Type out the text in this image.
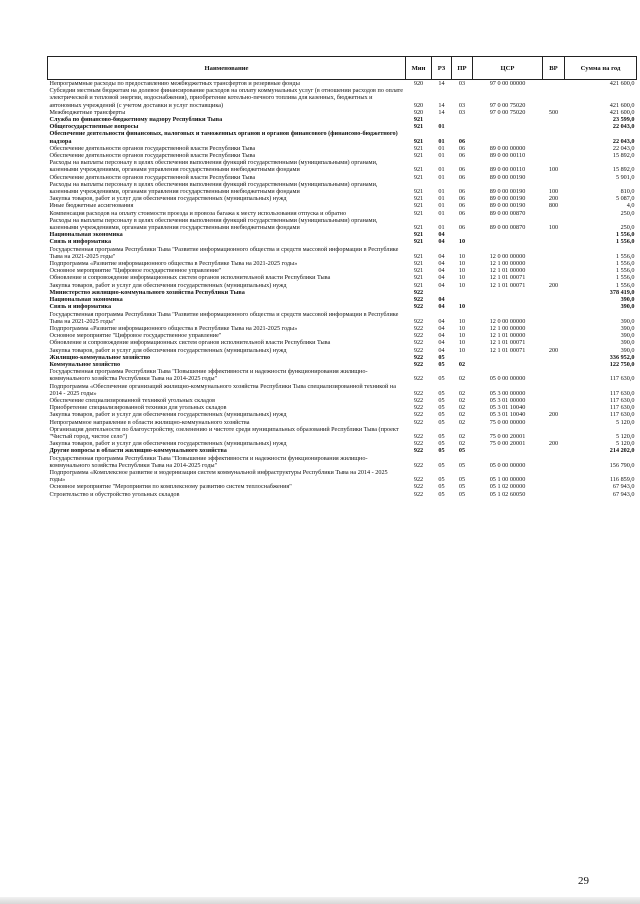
Наименование	Мин	РЗ	ПР	ЦСР	ВР	Сумма на год
Непрограммные расходы по предоставлению межбюджетных трансфертов и резервные фонды	920	14	03	97 0 00 00000		421 600,0
Субсидии местным бюджетам на долевое финансирование расходов на оплату коммунальных услуг (в отношении расходов по оплате электрической и тепловой энергии, водоснабжения), приобретение котельно-печного топлива для казенных, бюджетных и автономных учреждений (с учетом доставки и услуг поставщика)	920	14	03	97 0 00 75020		421 600,0
Межбюджетные трансферты	920	14	03	97 0 00 75020	500	421 600,0
Служба по финансово-бюджетному надзору Республики Тыва	921					23 599,0
Общегосударственные вопросы	921	01				22 043,0
Обеспечение деятельности финансовых, налоговых и таможенных органов и органов финансового (финансово-бюджетного) надзора	921	01	06			22 043,0
Обеспечение деятельности органов государственной власти Республики Тыва	921	01	06	89 0 00 00000		22 043,0
Обеспечение деятельности органов государственной власти Республики Тыва	921	01	06	89 0 00 00110		15 892,0
Расходы на выплаты персоналу в целях обеспечения выполнения функций государственными (муниципальными) органами, казенными учреждениями, органами управления государственными внебюджетными фондами	921	01	06	89 0 00 00110	100	15 892,0
Обеспечение деятельности органов государственной власти Республики Тыва	921	01	06	89 0 00 00190		5 901,0
Расходы на выплаты персоналу в целях обеспечения выполнения функций государственными (муниципальными) органами, казенными учреждениями, органами управления государственными внебюджетными фондами	921	01	06	89 0 00 00190	100	810,0
Закупка товаров, работ и услуг для обеспечения государственных (муниципальных) нужд	921	01	06	89 0 00 00190	200	5 087,0
Иные бюджетные ассигнования	921	01	06	89 0 00 00190	800	4,0
Компенсация расходов на оплату стоимости проезда и провоза багажа к месту использования отпуска и обратно	921	01	06	89 0 00 00870		250,0
Расходы на выплаты персоналу в целях обеспечения выполнения функций государственными (муниципальными) органами, казенными учреждениями, органами управления государственными внебюджетными фондами	921	01	06	89 0 00 00870	100	250,0
Национальная экономика	921	04				1 556,0
Связь и информатика	921	04	10			1 556,0
Государственная программа Республики Тыва "Развитие информационного общества и средств массовой информации в Республике Тыва на 2021-2025 годы"	921	04	10	12 0 00 00000		1 556,0
Подпрограмма «Развитие информационного общества в Республике Тыва на 2021-2025 годы»	921	04	10	12 1 00 00000		1 556,0
Основное мероприятие "Цифровое государственное управление"	921	04	10	12 1 01 00000		1 556,0
Обновление и сопровождение информационных систем органов исполнительной власти Республики Тыва	921	04	10	12 1 01 00071		1 556,0
Закупка товаров, работ и услуг для обеспечения государственных (муниципальных) нужд	921	04	10	12 1 01 00071	200	1 556,0
Министерство жилищно-коммунального хозяйства Республики Тыва	922					378 419,0
Национальная экономика	922	04				390,0
Связь и информатика	922	04	10			390,0
Государственная программа Республики Тыва "Развитие информационного общества и средств массовой информации в Республике Тыва на 2021-2025 годы"	922	04	10	12 0 00 00000		390,0
Подпрограмма «Развитие информационного общества в Республике Тыва на 2021-2025 годы»	922	04	10	12 1 00 00000		390,0
Основное мероприятие "Цифровое государственное управление"	922	04	10	12 1 01 00000		390,0
Обновление и сопровождение информационных систем органов исполнительной власти Республики Тыва	922	04	10	12 1 01 00071		390,0
Закупка товаров, работ и услуг для обеспечения государственных (муниципальных) нужд	922	04	10	12 1 01 00071	200	390,0
Жилищно-коммунальное хозяйство	922	05				336 952,0
Коммунальное хозяйство	922	05	02			122 750,0
Государственная программа Республики Тыва "Повышение эффективности и надежности функционирования жилищно-коммунального хозяйства Республики Тыва на 2014-2025 годы"	922	05	02	05 0 00 00000		117 630,0
Подпрограмма «Обеспечение организаций жилищно-коммунального хозяйства Республики Тыва специализированной техникой на 2014 - 2025 годы»	922	05	02	05 3 00 00000		117 630,0
Обеспечение специализированной техникой угольных складов	922	05	02	05 3 01 00000		117 630,0
Приобретение специализированной техники для угольных складов	922	05	02	05 3 01 10040		117 630,0
Закупка товаров, работ и услуг для обеспечения государственных (муниципальных) нужд	922	05	02	05 3 01 10040	200	117 630,0
Непрограммное направление в области жилищно-коммунального хозяйства	922	05	02	75 0 00 00000		5 120,0
Организация деятельности по благоустройству, озеленению и чистоте среди муниципальных образований Республики Тыва (проект "Чистый город, чистое село")	922	05	02	75 0 00 20001		5 120,0
Закупка товаров, работ и услуг для обеспечения государственных (муниципальных) нужд	922	05	02	75 0 00 20001	200	5 120,0
Другие вопросы в области жилищно-коммунального хозяйства	922	05	05			214 202,0
Государственная программа Республики Тыва "Повышение эффективности и надежности функционирования жилищно-коммунального хозяйства Республики Тыва на 2014-2025 годы"	922	05	05	05 0 00 00000		156 790,0
Подпрограмма «Комплексное развитие и модернизация систем коммунальной инфраструктуры Республики Тыва на 2014 - 2025 годы»	922	05	05	05 1 00 00000		116 859,0
Основное мероприятие "Мероприятия по комплексному развитию систем теплоснабжения"	922	05	05	05 1 02 00000		67 943,0
Строительство и обустройство угольных складов	922	05	05	05 1 02 60050		67 943,0
29
